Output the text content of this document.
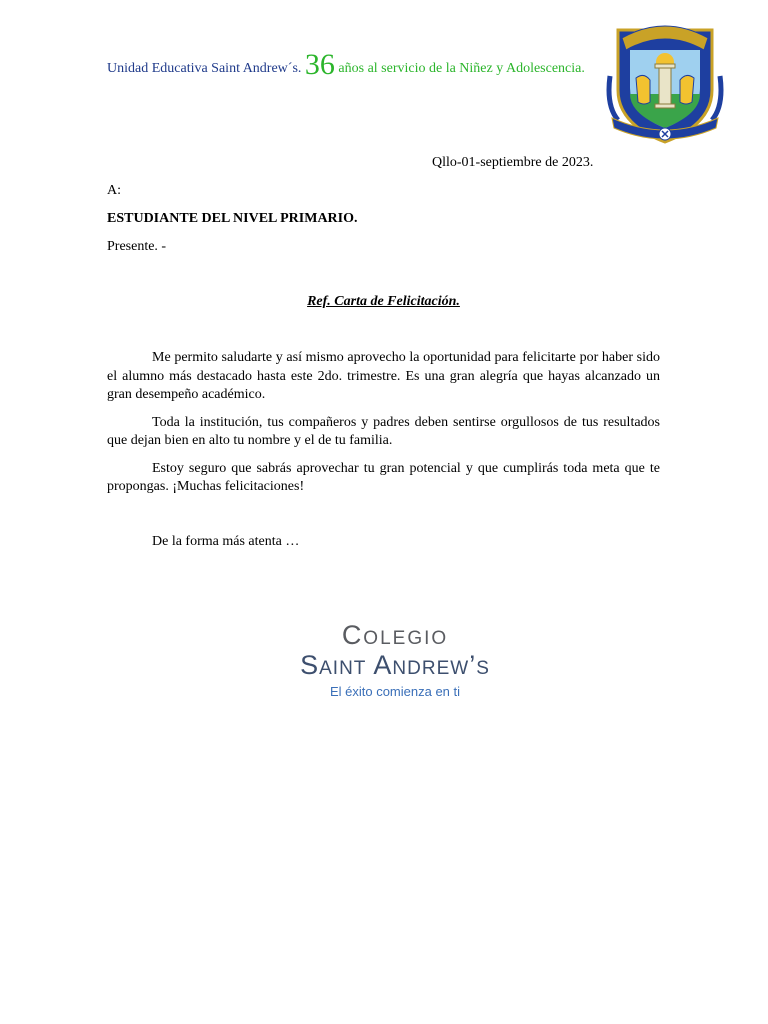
Unidad Educativa Saint Andrew´s. 36 años al servicio de la Niñez y Adolescencia.
Qllo-01-septiembre de 2023.
A:
ESTUDIANTE DEL NIVEL PRIMARIO.
Presente. -
Ref. Carta de Felicitación.

Me permito saludarte y así mismo aprovecho la oportunidad para felicitarte por haber sido el alumno más destacado hasta este 2do. trimestre. Es una gran alegría que hayas alcanzado un gran desempeño académico.

Toda la institución, tus compañeros y padres deben sentirse orgullosos de tus resultados que dejan bien en alto tu nombre y el de tu familia.

Estoy seguro que sabrás aprovechar tu gran potencial y que cumplirás toda meta que te propongas. ¡Muchas felicitaciones!

De la forma más atenta …
Colegio
Saint Andrew’s
El éxito comienza en ti
